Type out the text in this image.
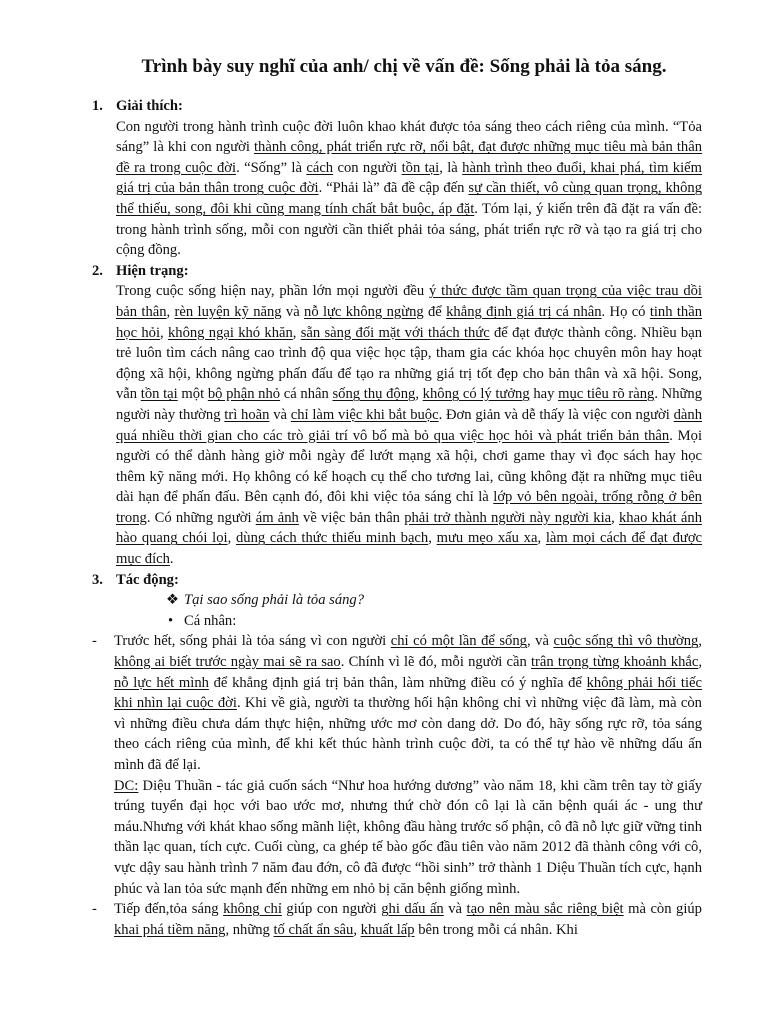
Trình bày suy nghĩ của anh/ chị về vấn đề: Sống phải là tỏa sáng.
1. Giải thích:

Con người trong hành trình cuộc đời luôn khao khát được tỏa sáng theo cách riêng của mình. “Tỏa sáng” là khi con người thành công, phát triển rực rỡ, nổi bật, đạt được những mục tiêu mà bản thân đề ra trong cuộc đời. “Sống” là cách con người tồn tại, là hành trình theo đuổi, khai phá, tìm kiếm giá trị của bản thân trong cuộc đời. “Phải là” đã đề cập đến sự cần thiết, vô cùng quan trọng, không thể thiếu, song, đôi khi cũng mang tính chất bắt buộc, áp đặt. Tóm lại, ý kiến trên đã đặt ra vấn đề: trong hành trình sống, mỗi con người cần thiết phải tỏa sáng, phát triển rực rỡ và tạo ra giá trị cho cộng đồng.

2. Hiện trạng:

Trong cuộc sống hiện nay, phần lớn mọi người đều ý thức được tầm quan trọng của việc trau dồi bản thân, rèn luyện kỹ năng và nỗ lực không ngừng để khẳng định giá trị cá nhân. Họ có tinh thần học hỏi, không ngại khó khăn, sẵn sàng đối mặt với thách thức để đạt được thành công. Nhiều bạn trẻ luôn tìm cách nâng cao trình độ qua việc học tập, tham gia các khóa học chuyên môn hay hoạt động xã hội, không ngừng phấn đấu để tạo ra những giá trị tốt đẹp cho bản thân và xã hội. Song, vẫn tồn tại một bộ phận nhỏ cá nhân sống thụ động, không có lý tưởng hay mục tiêu rõ ràng. Những người này thường trì hoãn và chỉ làm việc khi bắt buộc. Đơn giản và dễ thấy là việc con người dành quá nhiều thời gian cho các trò giải trí vô bổ mà bỏ qua việc học hỏi và phát triển bản thân. Mọi người có thể dành hàng giờ mỗi ngày để lướt mạng xã hội, chơi game thay vì đọc sách hay học thêm kỹ năng mới. Họ không có kế hoạch cụ thể cho tương lai, cũng không đặt ra những mục tiêu dài hạn để phấn đấu. Bên cạnh đó, đôi khi việc tỏa sáng chỉ là lớp vỏ bên ngoài, trống rỗng ở bên trong. Có những người ám ảnh về việc bản thân phải trở thành người này người kia, khao khát ánh hào quang chói lọi, dùng cách thức thiếu minh bạch, mưu mẹo xấu xa, làm mọi cách để đạt được mục đích.

3. Tác động:
❖ Tại sao sống phải là tỏa sáng?
• Cá nhân:
- Trước hết, sống phải là tỏa sáng vì con người chỉ có một lần để sống, và cuộc sống thì vô thường, không ai biết trước ngày mai sẽ ra sao. Chính vì lẽ đó, mỗi người cần trân trọng từng khoảnh khắc, nỗ lực hết mình để khẳng định giá trị bản thân, làm những điều có ý nghĩa để không phải hối tiếc khi nhìn lại cuộc đời. Khi về già, người ta thường hối hận không chỉ vì những việc đã làm, mà còn vì những điều chưa dám thực hiện, những ước mơ còn dang dở. Do đó, hãy sống rực rỡ, tỏa sáng theo cách riêng của mình, để khi kết thúc hành trình cuộc đời, ta có thể tự hào về những dấu ấn mình đã để lại.

DC: Diệu Thuần - tác giả cuốn sách “Như hoa hướng dương” vào năm 18, khi cầm trên tay tờ giấy trúng tuyển đại học với bao ước mơ, nhưng thứ chờ đón cô lại là căn bệnh quái ác - ung thư máu.Nhưng với khát khao sống mãnh liệt, không đầu hàng trước số phận, cô đã nỗ lực giữ vững tinh thần lạc quan, tích cực. Cuối cùng, ca ghép tế bào gốc đầu tiên vào năm 2012 đã thành công với cô, vực dậy sau hành trình 7 năm đau đớn, cô đã được “hồi sinh” trở thành 1 Diệu Thuần tích cực, hạnh phúc và lan tỏa sức mạnh đến những em nhỏ bị căn bệnh giống mình.

- Tiếp đến,tỏa sáng không chỉ giúp con người ghi dấu ấn và tạo nên màu sắc riêng biệt mà còn giúp khai phá tiềm năng, những tố chất ẩn sâu, khuất lấp bên trong mỗi cá nhân. Khi
